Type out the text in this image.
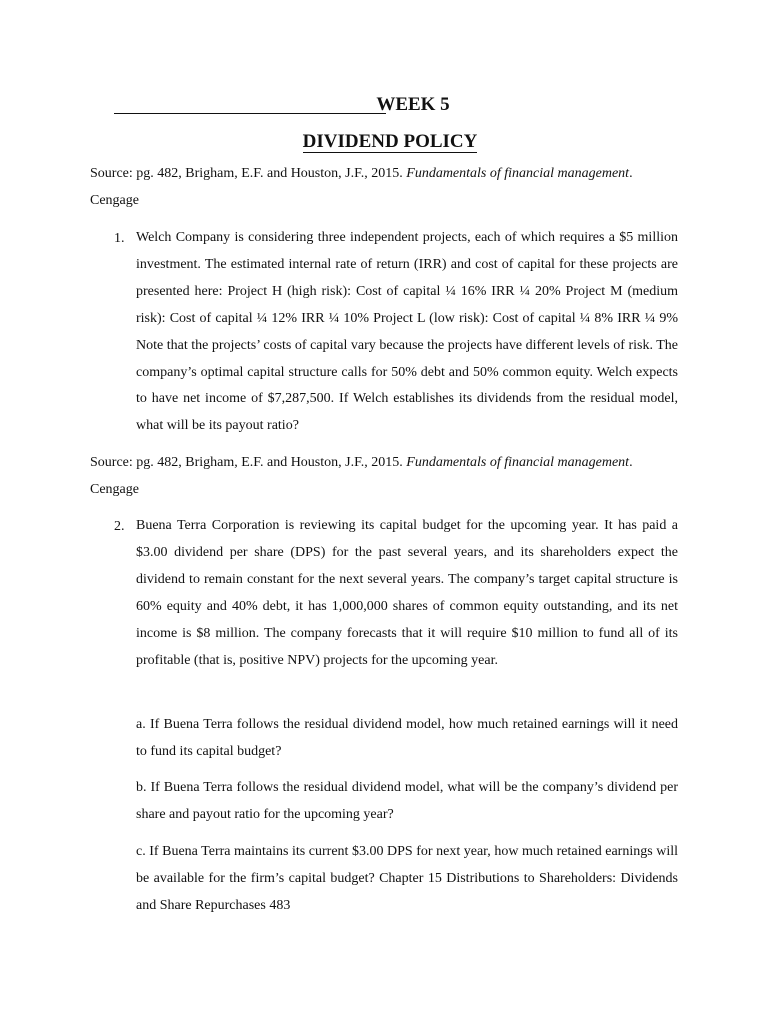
WEEK 5
DIVIDEND POLICY
Source: pg. 482, Brigham, E.F. and Houston, J.F., 2015. Fundamentals of financial management.
Cengage
1. Welch Company is considering three independent projects, each of which requires a $5 million investment. The estimated internal rate of return (IRR) and cost of capital for these projects are presented here: Project H (high risk): Cost of capital ¼ 16% IRR ¼ 20% Project M (medium risk): Cost of capital ¼ 12% IRR ¼ 10% Project L (low risk): Cost of capital ¼ 8% IRR ¼ 9% Note that the projects’ costs of capital vary because the projects have different levels of risk. The company’s optimal capital structure calls for 50% debt and 50% common equity. Welch expects to have net income of $7,287,500. If Welch establishes its dividends from the residual model, what will be its payout ratio?
Source: pg. 482, Brigham, E.F. and Houston, J.F., 2015. Fundamentals of financial management.
Cengage
2. Buena Terra Corporation is reviewing its capital budget for the upcoming year. It has paid a $3.00 dividend per share (DPS) for the past several years, and its shareholders expect the dividend to remain constant for the next several years. The company’s target capital structure is 60% equity and 40% debt, it has 1,000,000 shares of common equity outstanding, and its net income is $8 million. The company forecasts that it will require $10 million to fund all of its profitable (that is, positive NPV) projects for the upcoming year.
a. If Buena Terra follows the residual dividend model, how much retained earnings will it need to fund its capital budget?
b. If Buena Terra follows the residual dividend model, what will be the company’s dividend per share and payout ratio for the upcoming year?
c. If Buena Terra maintains its current $3.00 DPS for next year, how much retained earnings will be available for the firm’s capital budget? Chapter 15 Distributions to Shareholders: Dividends and Share Repurchases 483
